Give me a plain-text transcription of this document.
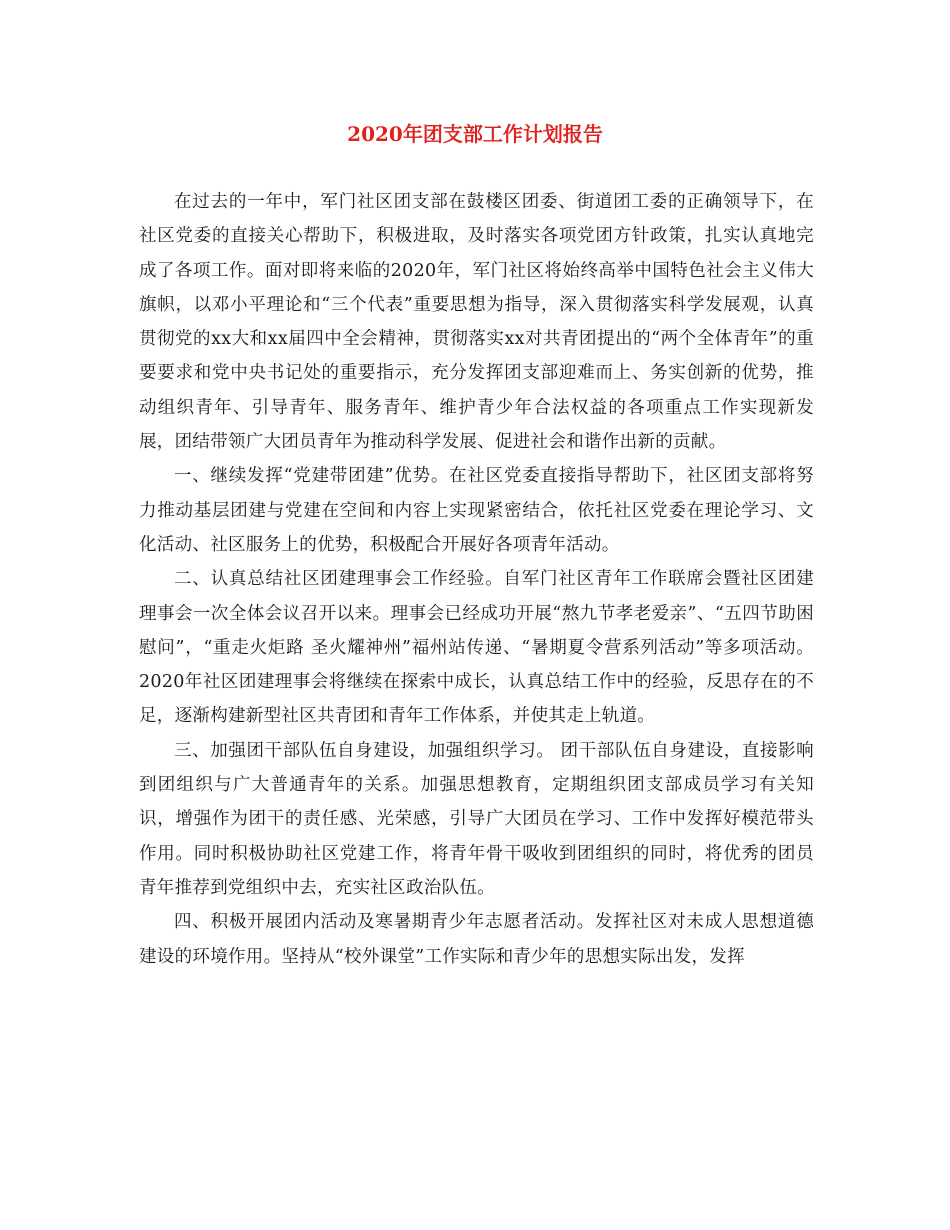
2020年团支部工作计划报告

在过去的一年中，军门社区团支部在鼓楼区团委、街道团工委的正确领导下，在社区党委的直接关心帮助下，积极进取，及时落实各项党团方针政策，扎实认真地完成了各项工作。面对即将来临的2020年，军门社区将始终高举中国特色社会主义伟大旗帜，以邓小平理论和“三个代表”重要思想为指导，深入贯彻落实科学发展观，认真贯彻党的xx大和xx届四中全会精神，贯彻落实xx对共青团提出的“两个全体青年”的重要要求和党中央书记处的重要指示，充分发挥团支部迎难而上、务实创新的优势，推动组织青年、引导青年、服务青年、维护青少年合法权益的各项重点工作实现新发展，团结带领广大团员青年为推动科学发展、促进社会和谐作出新的贡献。

一、继续发挥“党建带团建”优势。在社区党委直接指导帮助下，社区团支部将努力推动基层团建与党建在空间和内容上实现紧密结合，依托社区党委在理论学习、文化活动、社区服务上的优势，积极配合开展好各项青年活动。

二、认真总结社区团建理事会工作经验。自军门社区青年工作联席会暨社区团建理事会一次全体会议召开以来。理事会已经成功开展“熬九节孝老爱亲”、“五四节助困慰问”，“重走火炬路 圣火耀神州”福州站传递、“暑期夏令营系列活动”等多项活动。2020年社区团建理事会将继续在探索中成长，认真总结工作中的经验，反思存在的不足，逐渐构建新型社区共青团和青年工作体系，并使其走上轨道。

三、加强团干部队伍自身建设，加强组织学习。 团干部队伍自身建设，直接影响到团组织与广大普通青年的关系。加强思想教育，定期组织团支部成员学习有关知识，增强作为团干的责任感、光荣感，引导广大团员在学习、工作中发挥好模范带头作用。同时积极协助社区党建工作，将青年骨干吸收到团组织的同时，将优秀的团员青年推荐到党组织中去，充实社区政治队伍。

四、积极开展团内活动及寒暑期青少年志愿者活动。发挥社区对未成人思想道德建设的环境作用。坚持从“校外课堂”工作实际和青少年的思想实际出发，发挥
